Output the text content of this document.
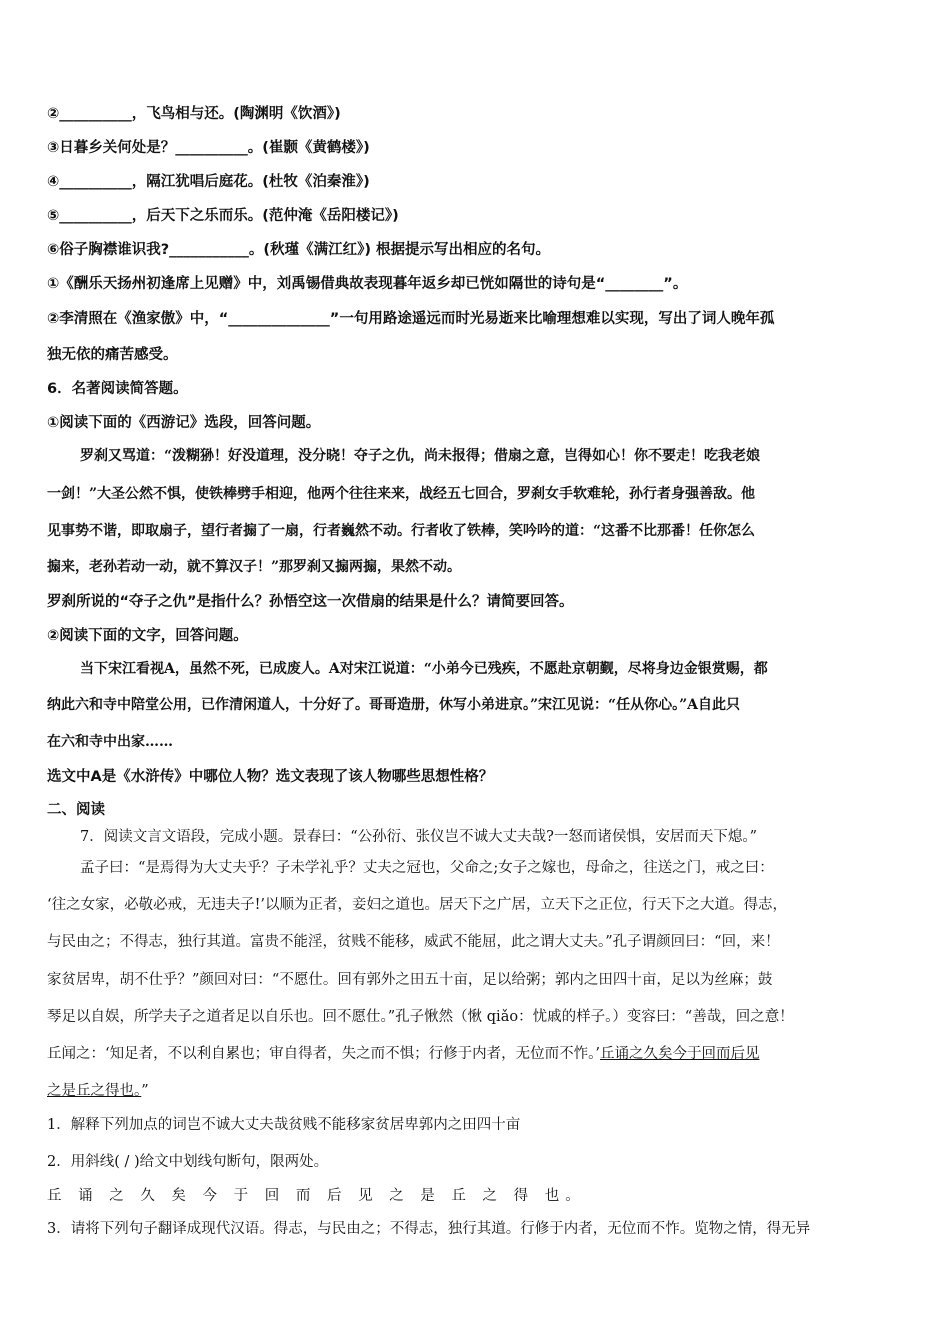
②__________，飞鸟相与还。(陶渊明《饮酒》)
③日暮乡关何处是？__________。(崔颢《黄鹤楼》)
④__________，隔江犹唱后庭花。(杜牧《泊秦淮》)
⑤__________，后天下之乐而乐。(范仲淹《岳阳楼记》)
⑥俗子胸襟谁识我?___________。(秋瑾《满江红》) 根据提示写出相应的名句。
①《酬乐天扬州初逢席上见赠》中，刘禹锡借典故表现暮年返乡却已恍如隔世的诗句是“________”。
②李清照在《渔家傲》中，“______________”一句用路途遥远而时光易逝来比喻理想难以实现，写出了词人晚年孤
独无依的痛苦感受。
6．名著阅读简答题。
①阅读下面的《西游记》选段，回答问题。
罗刹又骂道：“泼糊狲！好没道理，没分晓！夺子之仇，尚未报得；借扇之意，岂得如心！你不要走！吃我老娘
一剑！”大圣公然不惧，使铁棒劈手相迎，他两个往往来来，战经五七回合，罗刹女手软难轮，孙行者身强善敌。他
见事势不谐，即取扇子，望行者搧了一扇，行者巍然不动。行者收了铁棒，笑吟吟的道：“这番不比那番！任你怎么
搧来，老孙若动一动，就不算汉子！”那罗刹又搧两搧，果然不动。
罗刹所说的“夺子之仇”是指什么？孙悟空这一次借扇的结果是什么？请简要回答。
②阅读下面的文字，回答问题。
当下宋江看视A，虽然不死，已成废人。A对宋江说道：“小弟今已残疾，不愿赴京朝觐，尽将身边金银赏赐，都
纳此六和寺中陪堂公用，已作清闲道人，十分好了。哥哥造册，休写小弟进京。”宋江见说：“任从你心。”A自此只
在六和寺中出家……
选文中A是《水浒传》中哪位人物？选文表现了该人物哪些思想性格？
二、阅读
7．阅读文言文语段，完成小题。景春曰：“公孙衍、张仪岂不诚大丈夫哉?一怒而诸侯惧，安居而天下熄。”
孟子曰：“是焉得为大丈夫乎？子未学礼乎？丈夫之冠也，父命之;女子之嫁也，母命之，往送之门，戒之曰：
‘往之女家，必敬必戒，无违夫子!’以顺为正者，妾妇之道也。居天下之广居，立天下之正位，行天下之大道。得志，
与民由之；不得志，独行其道。富贵不能淫，贫贱不能移，威武不能屈，此之谓大丈夫。”孔子谓颜回曰：“回，来！
家贫居卑，胡不仕乎？”颜回对曰：“不愿仕。回有郭外之田五十亩，足以给粥；郭内之田四十亩，足以为丝麻；鼓
琴足以自娱，所学夫子之道者足以自乐也。回不愿仕。”孔子愀然（愀 qiǎo：忧戚的样子。）变容曰：“善哉，回之意！
丘闻之：‘知足者，不以利自累也；审自得者，失之而不惧；行修于内者，无位而不怍。’丘诵之久矣今于回而后见
之是丘之得也。”
1．解释下列加点的词岂不诚大丈夫哉贫贱不能移家贫居卑郭内之田四十亩
2．用斜线( / )给文中划线句断句，限两处。
丘 诵 之 久 矣 今 于 回 而 后 见 之 是 丘 之 得 也。
3．请将下列句子翻译成现代汉语。得志，与民由之；不得志，独行其道。行修于内者，无位而不怍。览物之情，得无异
